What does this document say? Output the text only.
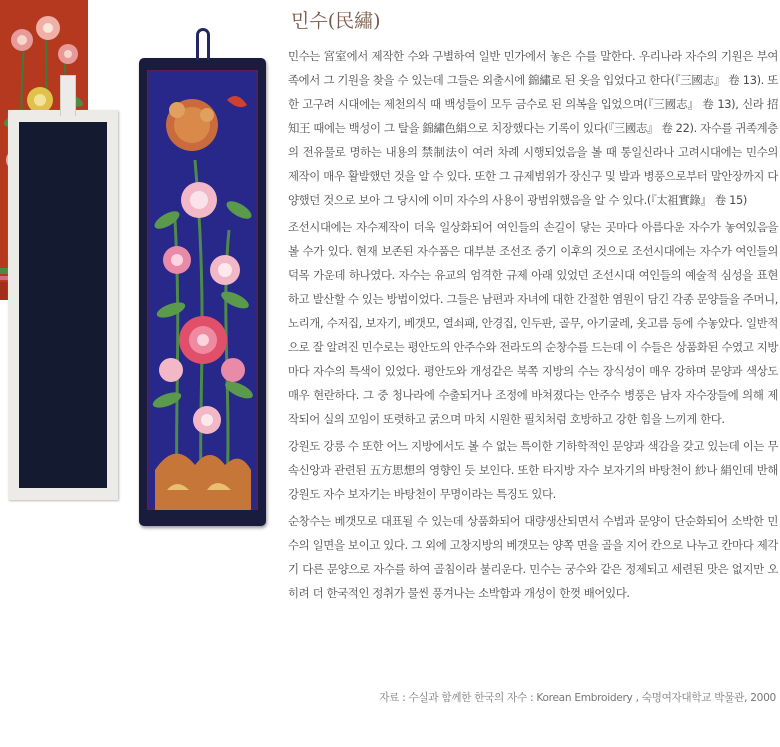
민수(民繡)

민수는 宮室에서 제작한 수와 구별하여 일반 민가에서 놓은 수를 말한다. 우리나라 자수의 기원은 부여족에서 그 기원을 찾을 수 있는데 그들은 외출시에 錦繡로 된 옷을 입었다고 한다(『三國志』 卷 13). 또한 고구려 시대에는 제천의식 때 백성들이 모두 금수로 된 의복을 입었으며(『三國志』 卷 13), 신라 招知王 때에는 백성이 그 탈을 錦繡色絹으로 치장했다는 기록이 있다(『三國志』 卷 22). 자수를 귀족계층의 전유물로 명하는 내용의 禁制法이 여러 차례 시행되었음을 볼 때 통일신라나 고려시대에는 민수의 제작이 매우 활발했던 것을 알 수 있다. 또한 그 규제범위가 장신구 및 발과 병풍으로부터 말안장까지 다양했던 것으로 보아 그 당시에 이미 자수의 사용이 광범위했음을 알 수 있다.(『太祖實錄』 卷 15)

조선시대에는 자수제작이 더욱 일상화되어 여인들의 손길이 닿는 곳마다 아름다운 자수가 놓여있음을 볼 수가 있다. 현재 보존된 자수품은 대부분 조선조 중기 이후의 것으로 조선시대에는 자수가 여인들의 덕목 가운데 하나였다. 자수는 유교의 엄격한 규제 아래 있었던 조선시대 여인들의 예술적 심성을 표현하고 발산할 수 있는 방법이었다. 그들은 남편과 자녀에 대한 간절한 염원이 담긴 각종 문양들을 주머니, 노리개, 수저집, 보자기, 베갯모, 열쇠패, 안경집, 인두판, 골무, 아기굴레, 옷고름 등에 수놓았다. 일반적으로 잘 알려진 민수로는 평안도의 안주수와 전라도의 순창수를 드는데 이 수들은 상품화된 수였고 지방마다 자수의 특색이 있었다. 평안도와 개성같은 북쪽 지방의 수는 장식성이 매우 강하며 문양과 색상도 매우 현란하다. 그 중 청나라에 수출되거나 조정에 바쳐졌다는 안주수 병풍은 남자 자수장들에 의해 제작되어 실의 꼬임이 또렷하고 굵으며 마치 시원한 필치처럼 호방하고 강한 힘을 느끼게 한다.

강원도 강릉 수 또한 어느 지방에서도 볼 수 없는 특이한 기하학적인 문양과 색감을 갖고 있는데 이는 무속신앙과 관련된 五方思想의 영향인 듯 보인다. 또한 타지방 자수 보자기의 바탕천이 紗나 絹인데 반해 강원도 자수 보자기는 바탕천이 무명이라는 특징도 있다.

순창수는 베갯모로 대표될 수 있는데 상품화되어 대량생산되면서 수법과 문양이 단순화되어 소박한 민수의 일면을 보이고 있다. 그 외에 고창지방의 베갯모는 양쪽 면을 골을 지어 칸으로 나누고 칸마다 제각기 다른 문양으로 자수를 하여 골침이라 불리운다. 민수는 궁수와 같은 정제되고 세련된 맛은 없지만 오히려 더 한국적인 정취가 물씬 풍겨나는 소박함과 개성이 한껏 배어있다.

자료 : 수실과 함께한 한국의 자수 : Korean Embroidery , 숙명여자대학교 박물관, 2000
